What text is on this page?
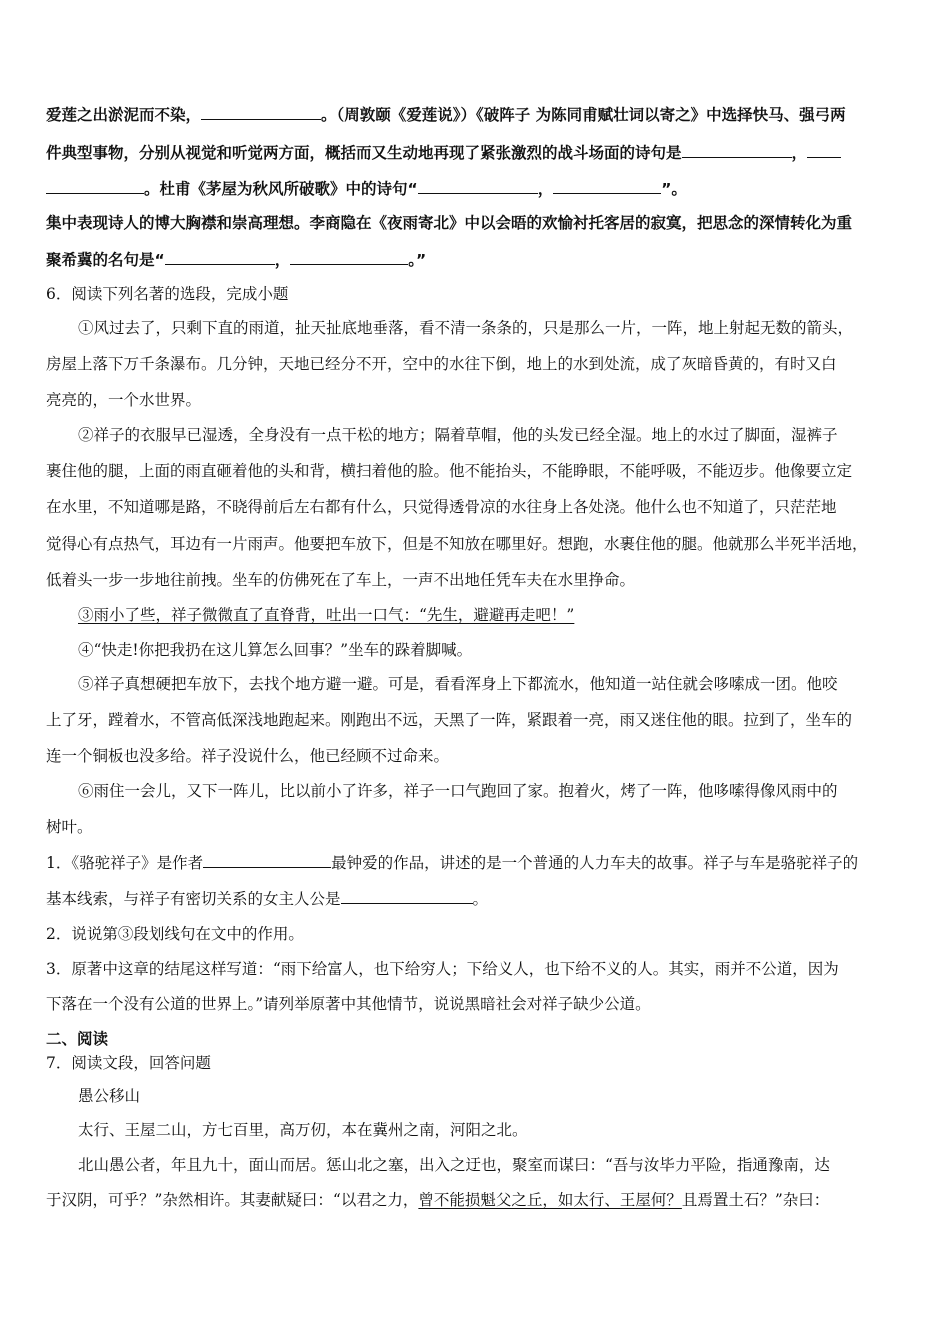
爱莲之出淤泥而不染，	。（周敦颐《爱莲说》）《破阵子 为陈同甫赋壮词以寄之》中选择快马、强弓两
件典型事物，分别从视觉和听觉两方面，概括而又生动地再现了紧张激烈的战斗场面的诗句是	，
。杜甫《茅屋为秋风所破歌》中的诗句“	，	”。
集中表现诗人的博大胸襟和崇高理想。李商隐在《夜雨寄北》中以会晤的欢愉衬托客居的寂寞，把思念的深情转化为重
聚希冀的名句是“	，	。”
6．阅读下列名著的选段，完成小题
①风过去了，只剩下直的雨道，扯天扯底地垂落，看不清一条条的，只是那么一片，一阵，地上射起无数的箭头，
房屋上落下万千条瀑布。几分钟，天地已经分不开，空中的水往下倒，地上的水到处流，成了灰暗昏黄的，有时又白
亮亮的，一个水世界。
②祥子的衣服早已湿透，全身没有一点干松的地方；隔着草帽，他的头发已经全湿。地上的水过了脚面，湿裤子
裹住他的腿，上面的雨直砸着他的头和背，横扫着他的脸。他不能抬头，不能睁眼，不能呼吸，不能迈步。他像要立定
在水里，不知道哪是路，不晓得前后左右都有什么，只觉得透骨凉的水往身上各处浇。他什么也不知道了，只茫茫地
觉得心有点热气，耳边有一片雨声。他要把车放下，但是不知放在哪里好。想跑，水裹住他的腿。他就那么半死半活地，
低着头一步一步地往前拽。坐车的仿佛死在了车上，一声不出地任凭车夫在水里挣命。
③雨小了些，祥子微微直了直脊背，吐出一口气：“先生，避避再走吧！”
④“快走!你把我扔在这儿算怎么回事？”坐车的跺着脚喊。
⑤祥子真想硬把车放下，去找个地方避一避。可是，看看浑身上下都流水，他知道一站住就会哆嗦成一团。他咬
上了牙，蹚着水，不管高低深浅地跑起来。刚跑出不远，天黑了一阵，紧跟着一亮，雨又迷住他的眼。拉到了，坐车的
连一个铜板也没多给。祥子没说什么，他已经顾不过命来。
⑥雨住一会儿，又下一阵儿，比以前小了许多，祥子一口气跑回了家。抱着火，烤了一阵，他哆嗦得像风雨中的
树叶。
1．《骆驼祥子》是作者	最钟爱的作品，讲述的是一个普通的人力车夫的故事。祥子与车是骆驼祥子的
基本线索，与祥子有密切关系的女主人公是	。
2．说说第③段划线句在文中的作用。
3．原著中这章的结尾这样写道：“雨下给富人，也下给穷人；下给义人，也下给不义的人。其实，雨并不公道，因为
下落在一个没有公道的世界上。”请列举原著中其他情节，说说黑暗社会对祥子缺少公道。
二、阅读
7．阅读文段，回答问题
愚公移山
太行、王屋二山，方七百里，高万仞，本在冀州之南，河阳之北。
北山愚公者，年且九十，面山而居。惩山北之塞，出入之迂也，聚室而谋曰：“吾与汝毕力平险，指通豫南，达
于汉阴，可乎？”杂然相许。其妻献疑曰：“以君之力，曾不能损魁父之丘，如太行、王屋何？且焉置土石？”杂曰：
